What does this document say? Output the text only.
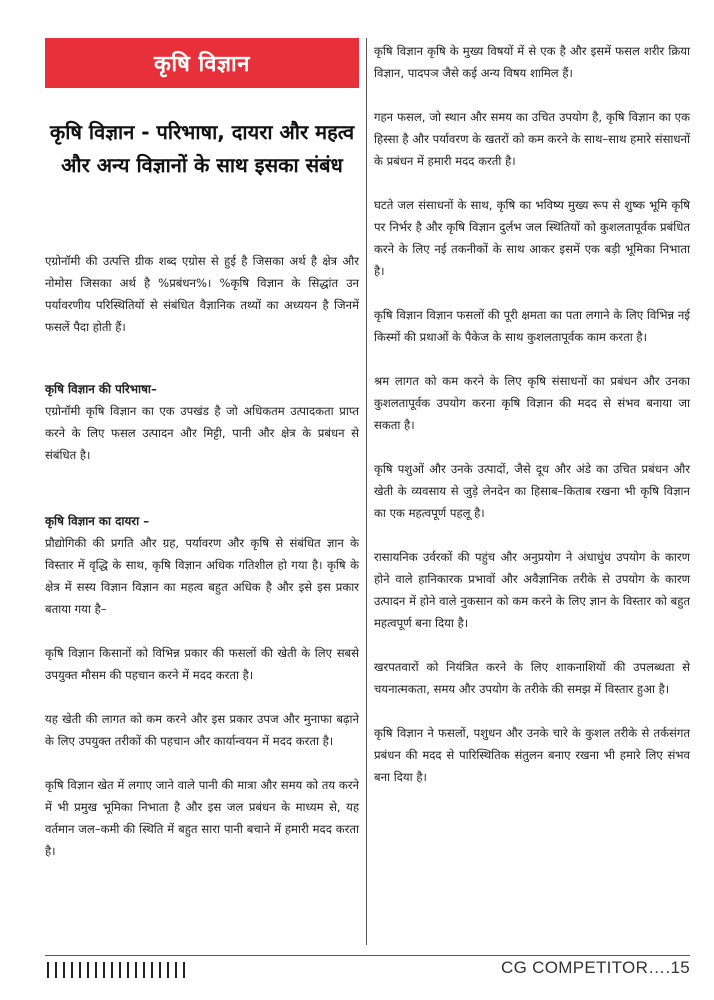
कृषि विज्ञान
कृषि विज्ञान - परिभाषा, दायरा और महत्व और अन्य विज्ञानों के साथ इसका संबंध

एग्रोनॉमी की उत्पत्ति ग्रीक शब्द एग्रोस से हुई है जिसका अर्थ है क्षेत्र और नोमोस जिसका अर्थ है %प्रबंधन%। %कृषि विज्ञान के सिद्धांत उन पर्यावरणीय परिस्थितियों से संबंधित वैज्ञानिक तथ्यों का अध्ययन है जिनमें फसलें पैदा होती हैं।

कृषि विज्ञान की परिभाषा–

एग्रोनॉमी कृषि विज्ञान का एक उपखंड है जो अधिकतम उत्पादकता प्राप्त करने के लिए फसल उत्पादन और मिट्टी, पानी और क्षेत्र के प्रबंधन से संबंधित है।

कृषि विज्ञान का दायरा –

प्रौद्योगिकी की प्रगति और ग्रह, पर्यावरण और कृषि से संबंधित ज्ञान के विस्तार में वृद्धि के साथ, कृषि विज्ञान अधिक गतिशील हो गया है। कृषि के क्षेत्र में सस्य विज्ञान विज्ञान का महत्व बहुत अधिक है और इसे इस प्रकार बताया गया है–

कृषि विज्ञान किसानों को विभिन्न प्रकार की फसलों की खेती के लिए सबसे उपयुक्त मौसम की पहचान करने में मदद करता है।

यह खेती की लागत को कम करने और इस प्रकार उपज और मुनाफा बढ़ाने के लिए उपयुक्त तरीकों की पहचान और कार्यान्वयन में मदद करता है।

कृषि विज्ञान खेत में लगाए जाने वाले पानी की मात्रा और समय को तय करने में भी प्रमुख भूमिका निभाता है और इस जल प्रबंधन के माध्यम से, यह वर्तमान जल–कमी की स्थिति में बहुत सारा पानी बचाने में हमारी मदद करता है।

कृषि विज्ञान कृषि के मुख्य विषयों में से एक है और इसमें फसल शरीर क्रिया विज्ञान, पादपञ जैसे कई अन्य विषय शामिल हैं।

गहन फसल, जो स्थान और समय का उचित उपयोग है, कृषि विज्ञान का एक हिस्सा है और पर्यावरण के खतरों को कम करने के साथ–साथ हमारे संसाधनों के प्रबंधन में हमारी मदद करती है।

घटते जल संसाधनों के साथ, कृषि का भविष्य मुख्य रूप से शुष्क भूमि कृषि पर निर्भर है और कृषि विज्ञान दुर्लभ जल स्थितियों को कुशलतापूर्वक प्रबंधित करने के लिए नई तकनीकों के साथ आकर इसमें एक बड़ी भूमिका निभाता है।

कृषि विज्ञान विज्ञान फसलों की पूरी क्षमता का पता लगाने के लिए विभिन्न नई किस्मों की प्रथाओं के पैकेज के साथ कुशलतापूर्वक काम करता है।

श्रम लागत को कम करने के लिए कृषि संसाधनों का प्रबंधन और उनका कुशलतापूर्वक उपयोग करना कृषि विज्ञान की मदद से संभव बनाया जा सकता है।

कृषि पशुओं और उनके उत्पादों, जैसे दूध और अंडे का उचित प्रबंधन और खेती के व्यवसाय से जुड़े लेनदेन का हिसाब–किताब रखना भी कृषि विज्ञान का एक महत्वपूर्ण पहलू है।

रासायनिक उर्वरकों की पहुंच और अनुप्रयोग ने अंधाधुंध उपयोग के कारण होने वाले हानिकारक प्रभावों और अवैज्ञानिक तरीके से उपयोग के कारण उत्पादन में होने वाले नुकसान को कम करने के लिए ज्ञान के विस्तार को बहुत महत्वपूर्ण बना दिया है।

खरपतवारों को नियंत्रित करने के लिए शाकनाशियों की उपलब्धता से चयनात्मकता, समय और उपयोग के तरीके की समझ में विस्तार हुआ है।

कृषि विज्ञान ने फसलों, पशुधन और उनके चारे के कुशल तरीके से तर्कसंगत प्रबंधन की मदद से पारिस्थितिक संतुलन बनाए रखना भी हमारे लिए संभव बना दिया है।

CG COMPETITOR….15
